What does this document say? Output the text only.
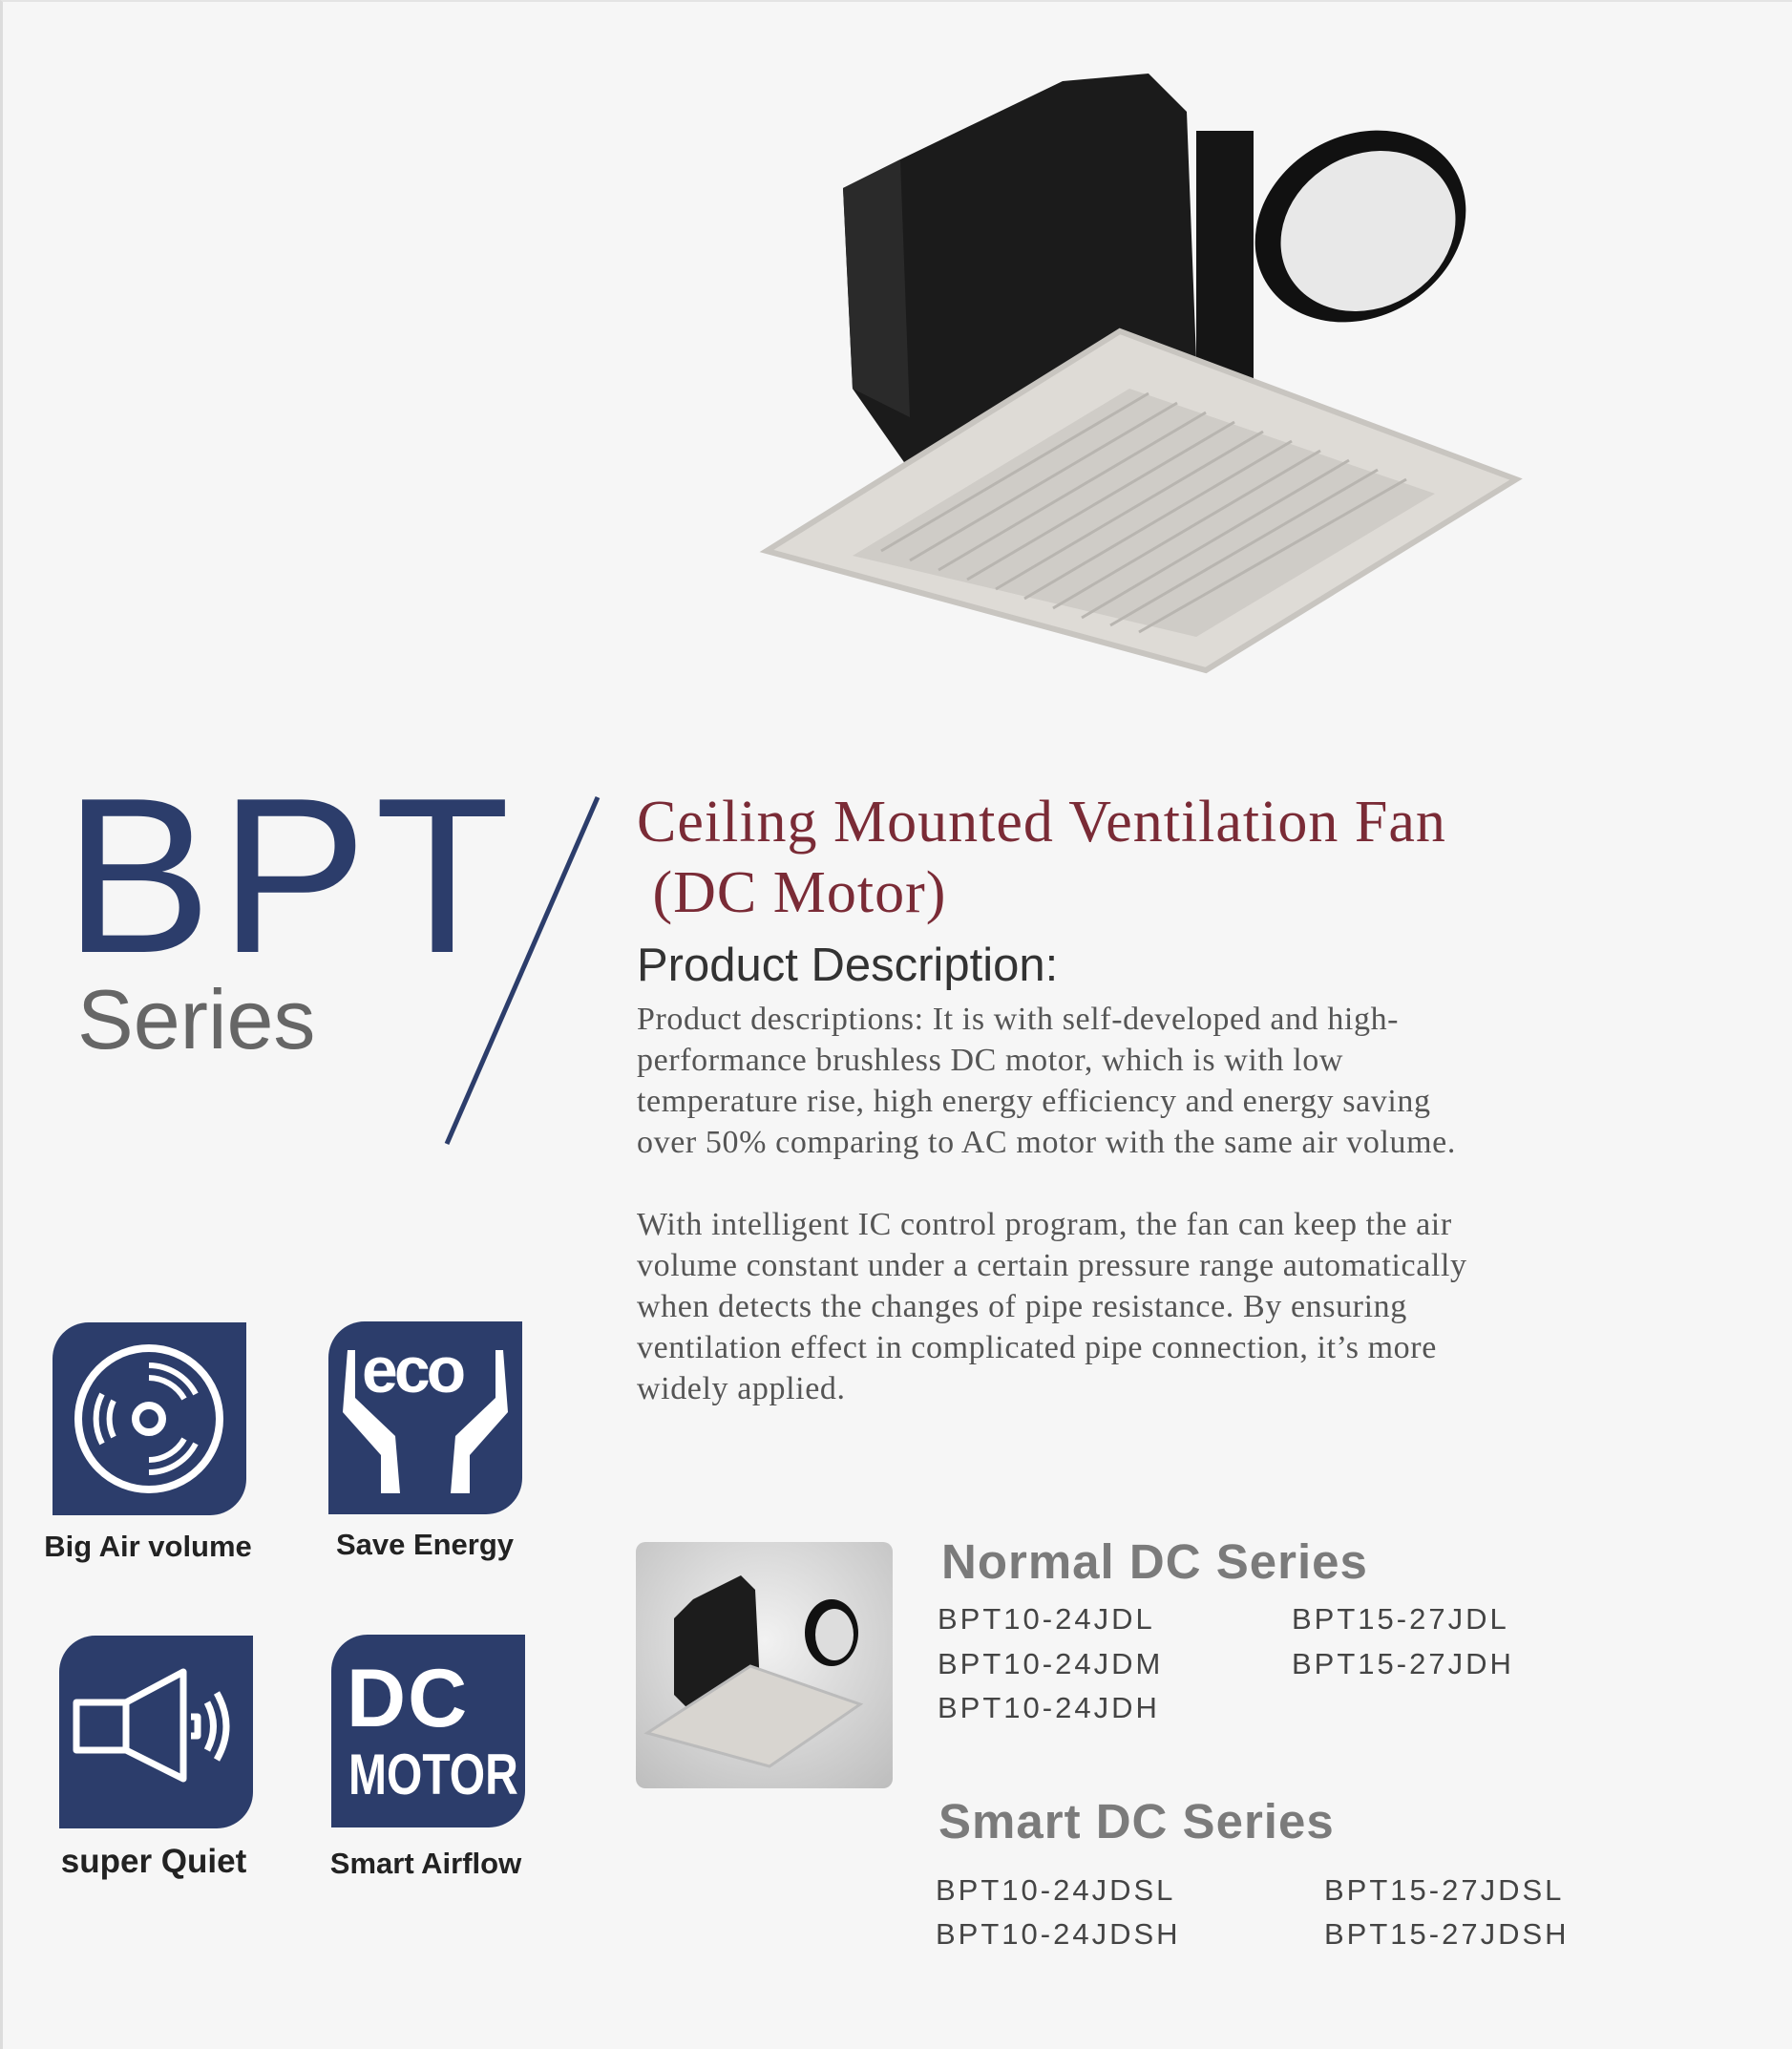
BPT
Series
Ceiling Mounted Ventilation Fan
(DC Motor)
Product Description:
Product descriptions: It is with self-developed and high-
performance brushless DC motor, which is with low
temperature rise, high energy efficiency and energy saving
over 50% comparing to AC motor with the same air volume.
With intelligent IC control program, the fan can keep the air
volume constant under a certain pressure range automatically
when detects the changes of pipe resistance. By ensuring
ventilation effect in complicated pipe connection, it’s more
widely applied.
Big Air volume
eco
Save Energy
super Quiet
DC
MOTOR
Smart Airflow
Normal DC Series
BPT10-24JDL
BPT10-24JDM
BPT10-24JDH
BPT15-27JDL
BPT15-27JDH
Smart DC Series
BPT10-24JDSL
BPT10-24JDSH
BPT15-27JDSL
BPT15-27JDSH
